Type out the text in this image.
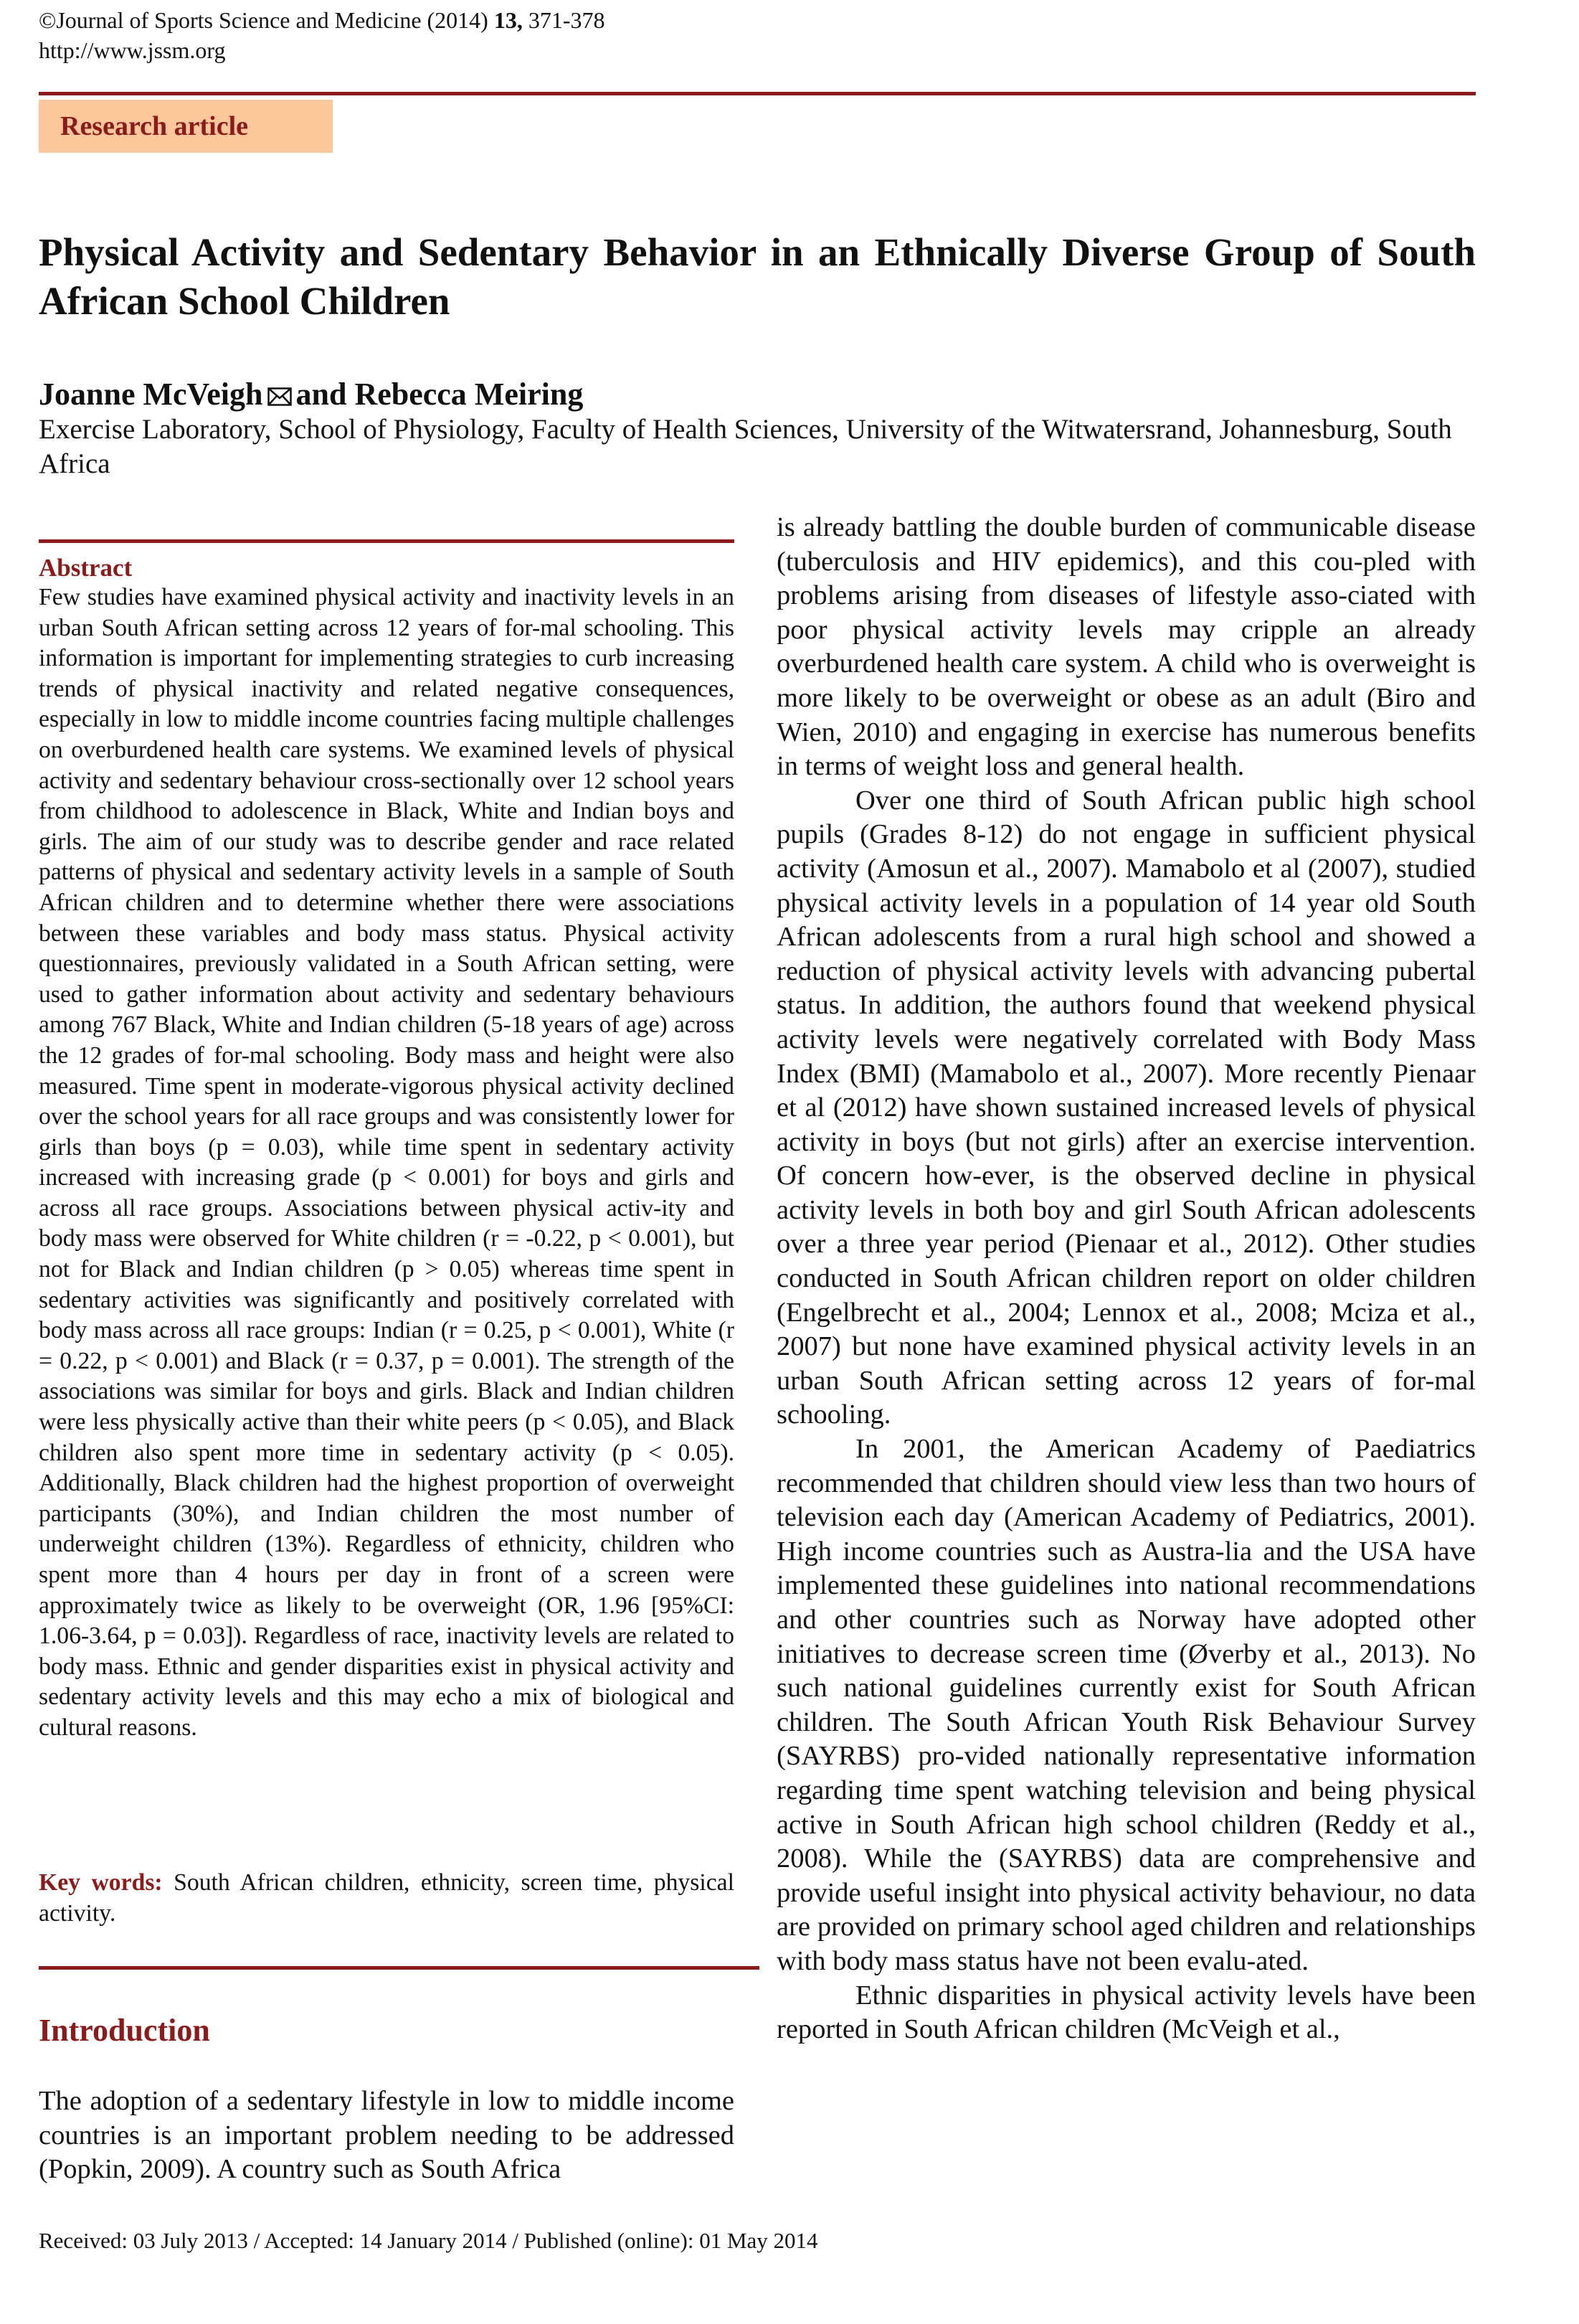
©Journal of Sports Science and Medicine (2014) 13, 371-378
http://www.jssm.org
Research article
Physical Activity and Sedentary Behavior in an Ethnically Diverse Group of South African School Children
Joanne McVeigh and Rebecca Meiring
Exercise Laboratory, School of Physiology, Faculty of Health Sciences, University of the Witwatersrand, Johannesburg, South Africa
Abstract

Few studies have examined physical activity and inactivity levels in an urban South African setting across 12 years of for-mal schooling. This information is important for implementing strategies to curb increasing trends of physical inactivity and related negative consequences, especially in low to middle income countries facing multiple challenges on overburdened health care systems. We examined levels of physical activity and sedentary behaviour cross-sectionally over 12 school years from childhood to adolescence in Black, White and Indian boys and girls. The aim of our study was to describe gender and race related patterns of physical and sedentary activity levels in a sample of South African children and to determine whether there were associations between these variables and body mass status. Physical activity questionnaires, previously validated in a South African setting, were used to gather information about activity and sedentary behaviours among 767 Black, White and Indian children (5-18 years of age) across the 12 grades of for-mal schooling. Body mass and height were also measured. Time spent in moderate-vigorous physical activity declined over the school years for all race groups and was consistently lower for girls than boys (p = 0.03), while time spent in sedentary activity increased with increasing grade (p < 0.001) for boys and girls and across all race groups. Associations between physical activ-ity and body mass were observed for White children (r = -0.22, p < 0.001), but not for Black and Indian children (p > 0.05) whereas time spent in sedentary activities was significantly and positively correlated with body mass across all race groups: Indian (r = 0.25, p < 0.001), White (r = 0.22, p < 0.001) and Black (r = 0.37, p = 0.001). The strength of the associations was similar for boys and girls. Black and Indian children were less physically active than their white peers (p < 0.05), and Black children also spent more time in sedentary activity (p < 0.05). Additionally, Black children had the highest proportion of overweight participants (30%), and Indian children the most number of underweight children (13%). Regardless of ethnicity, children who spent more than 4 hours per day in front of a screen were approximately twice as likely to be overweight (OR, 1.96 [95%CI: 1.06-3.64, p = 0.03]). Regardless of race, inactivity levels are related to body mass. Ethnic and gender disparities exist in physical activity and sedentary activity levels and this may echo a mix of biological and cultural reasons.

Key words: South African children, ethnicity, screen time, physical activity.

Introduction

The adoption of a sedentary lifestyle in low to middle income countries is an important problem needing to be addressed (Popkin, 2009). A country such as South Africa

is already battling the double burden of communicable disease (tuberculosis and HIV epidemics), and this cou-pled with problems arising from diseases of lifestyle asso-ciated with poor physical activity levels may cripple an already overburdened health care system. A child who is overweight is more likely to be overweight or obese as an adult (Biro and Wien, 2010) and engaging in exercise has numerous benefits in terms of weight loss and general health.

Over one third of South African public high school pupils (Grades 8-12) do not engage in sufficient physical activity (Amosun et al., 2007). Mamabolo et al (2007), studied physical activity levels in a population of 14 year old South African adolescents from a rural high school and showed a reduction of physical activity levels with advancing pubertal status. In addition, the authors found that weekend physical activity levels were negatively correlated with Body Mass Index (BMI) (Mamabolo et al., 2007). More recently Pienaar et al (2012) have shown sustained increased levels of physical activity in boys (but not girls) after an exercise intervention. Of concern how-ever, is the observed decline in physical activity levels in both boy and girl South African adolescents over a three year period (Pienaar et al., 2012). Other studies conducted in South African children report on older children (Engelbrecht et al., 2004; Lennox et al., 2008; Mciza et al., 2007) but none have examined physical activity levels in an urban South African setting across 12 years of for-mal schooling.

In 2001, the American Academy of Paediatrics recommended that children should view less than two hours of television each day (American Academy of Pediatrics, 2001). High income countries such as Austra-lia and the USA have implemented these guidelines into national recommendations and other countries such as Norway have adopted other initiatives to decrease screen time (Øverby et al., 2013). No such national guidelines currently exist for South African children. The South African Youth Risk Behaviour Survey (SAYRBS) pro-vided nationally representative information regarding time spent watching television and being physical active in South African high school children (Reddy et al., 2008). While the (SAYRBS) data are comprehensive and provide useful insight into physical activity behaviour, no data are provided on primary school aged children and relationships with body mass status have not been evalu-ated.

Ethnic disparities in physical activity levels have been reported in South African children (McVeigh et al.,

Received: 03 July 2013 / Accepted: 14 January 2014 / Published (online): 01 May 2014
